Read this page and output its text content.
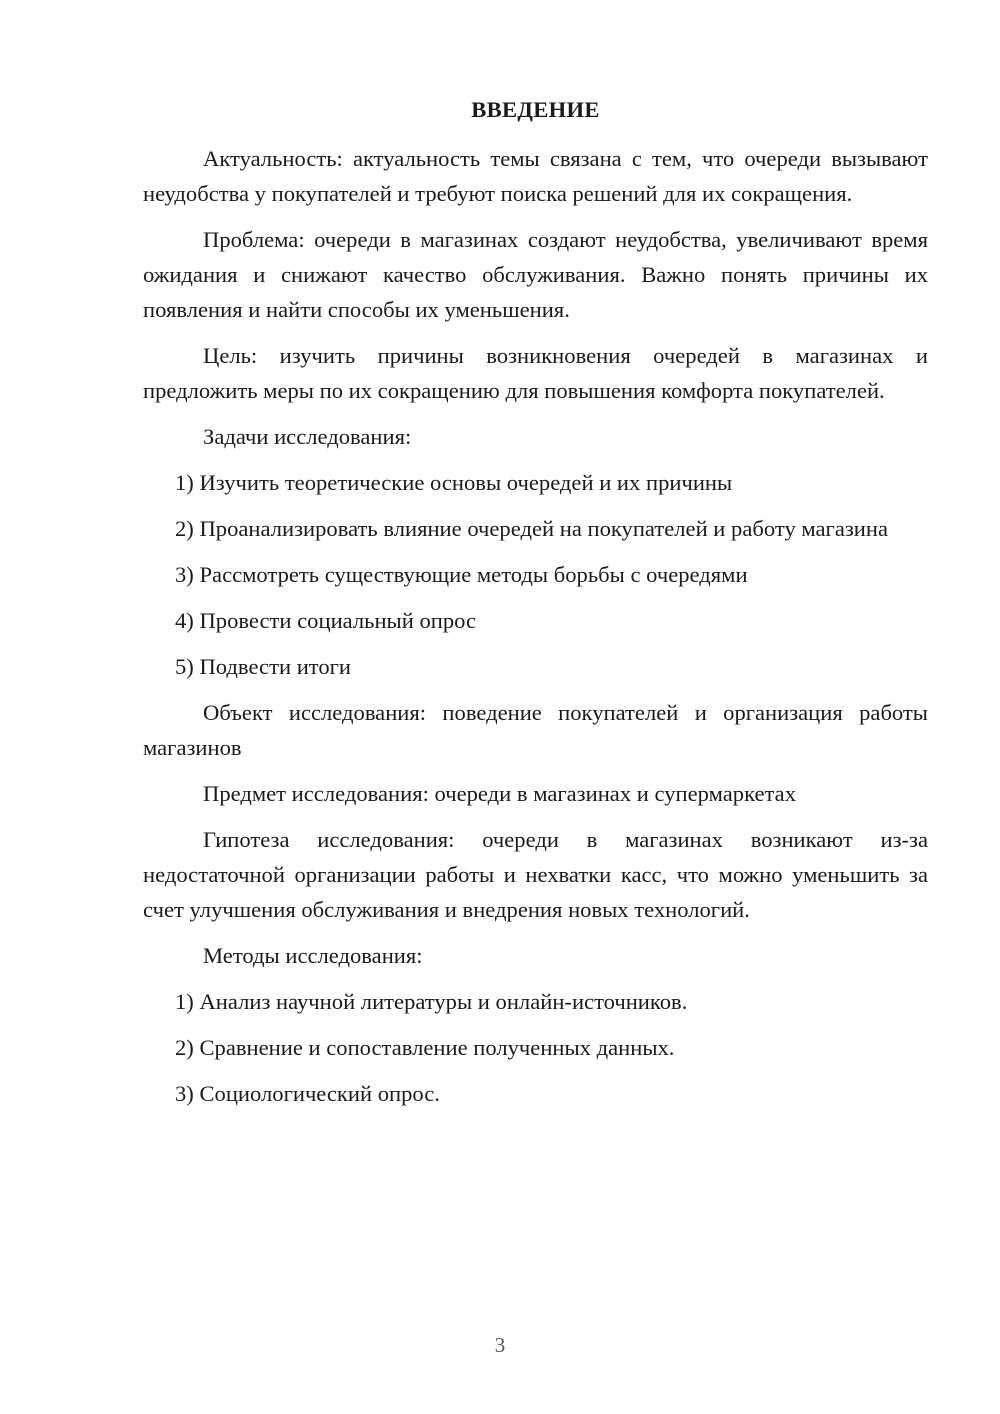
ВВЕДЕНИЕ

Актуальность: актуальность темы связана с тем, что очереди вызывают неудобства у покупателей и требуют поиска решений для их сокращения.

Проблема: очереди в магазинах создают неудобства, увеличивают время ожидания и снижают качество обслуживания. Важно понять причины их появления и найти способы их уменьшения.

Цель: изучить причины возникновения очередей в магазинах и предложить меры по их сокращению для повышения комфорта покупателей.

Задачи исследования:

1) Изучить теоретические основы очередей и их причины

2) Проанализировать влияние очередей на покупателей и работу магазина

3) Рассмотреть существующие методы борьбы с очередями

4) Провести социальный опрос

5) Подвести итоги

Объект исследования: поведение покупателей и организация работы магазинов

Предмет исследования: очереди в магазинах и супермаркетах

Гипотеза исследования: очереди в магазинах возникают из-за недостаточной организации работы и нехватки касс, что можно уменьшить за счет улучшения обслуживания и внедрения новых технологий.

Методы исследования:

1) Анализ научной литературы и онлайн-источников.

2) Сравнение и сопоставление полученных данных.

3) Социологический опрос.

3
